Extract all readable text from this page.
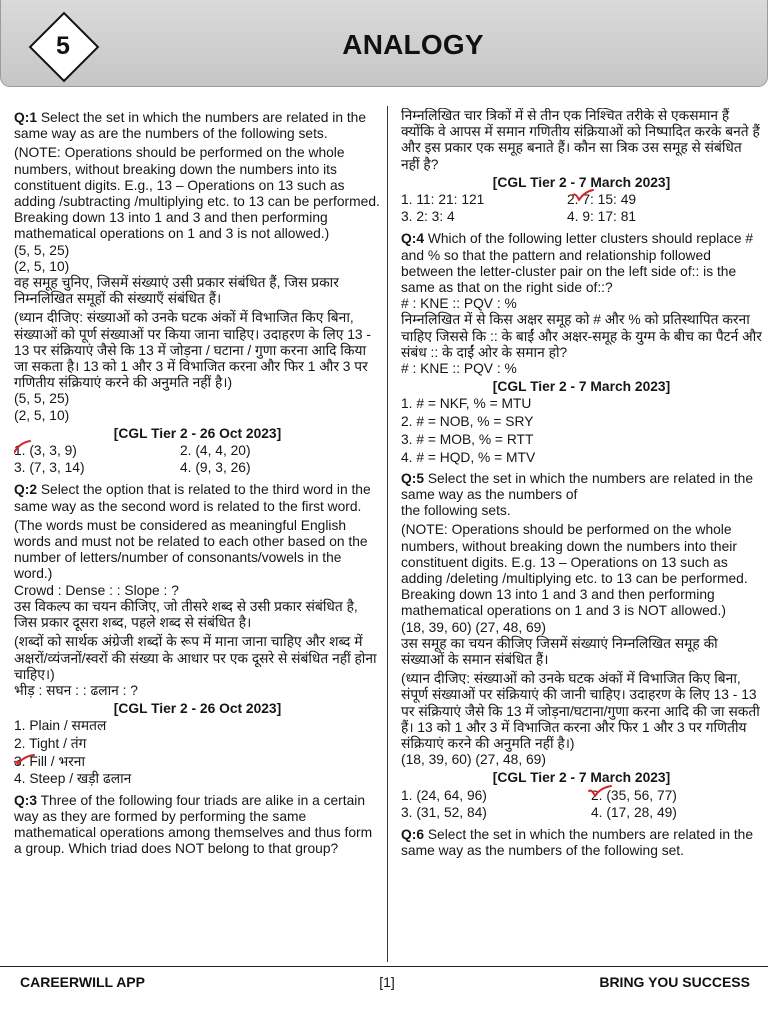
5	ANALOGY

Q:1 Select the set in which the numbers are related in the same way as are the numbers of the following sets.

(NOTE: Operations should be performed on the whole numbers, without breaking down the numbers into its constituent digits. E.g., 13 – Operations on 13 such as adding /subtracting /multiplying etc. to 13 can be performed. Breaking down 13 into 1 and 3 and then performing mathematical operations on 1 and 3 is not allowed.)

(5, 5, 25)

(2, 5, 10)

वह समूह चुनिए, जिसमें संख्याएं उसी प्रकार संबंधित हैं, जिस प्रकार निम्नलिखित समूहों की संख्याएँ संबंधित हैं।

(ध्यान दीजिए: संख्याओं को उनके घटक अंकों में विभाजित किए बिना, संख्याओं को पूर्ण संख्याओं पर किया जाना चाहिए। उदाहरण के लिए 13 - 13 पर संक्रियाएं जैसे कि 13 में जोड़ना / घटाना / गुणा करना आदि किया जा सकता है। 13 को 1 और 3 में विभाजित करना और फिर 1 और 3 पर गणितीय संक्रियाएं करने की अनुमति नहीं है।)

(5, 5, 25)

(2, 5, 10)

[CGL Tier 2 - 26 Oct 2023]

1. (3, 3, 9)	2. (4, 4, 20)
3. (7, 3, 14)	4. (9, 3, 26)

Q:2 Select the option that is related to the third word in the same way as the second word is related to the first word.

(The words must be considered as meaningful English words and must not be related to each other based on the number of letters/number of consonants/vowels in the word.)

Crowd : Dense : : Slope : ?

उस विकल्प का चयन कीजिए, जो तीसरे शब्द से उसी प्रकार संबंधित है, जिस प्रकार दूसरा शब्द, पहले शब्द से संबंधित है।

(शब्दों को सार्थक अंग्रेजी शब्दों के रूप में माना जाना चाहिए और शब्द में अक्षरों/व्यंजनों/स्वरों की संख्या के आधार पर एक दूसरे से संबंधित नहीं होना चाहिए।)

भीड़ : सघन : : ढलान : ?

[CGL Tier 2 - 26 Oct 2023]

1. Plain / समतल
2. Tight / तंग
3. Fill / भरना
4. Steep / खड़ी ढलान

Q:3 Three of the following four triads are alike in a certain way as they are formed by performing the same mathematical operations among themselves and thus form a group. Which triad does NOT belong to that group?

निम्नलिखित चार त्रिकों में से तीन एक निश्चित तरीके से एकसमान हैं क्योंकि वे आपस में समान गणितीय संक्रियाओं को निष्पादित करके बनते हैं और इस प्रकार एक समूह बनाते हैं। कौन सा त्रिक उस समूह से संबंधित नहीं है?

[CGL Tier 2 - 7 March 2023]

1. 11: 21: 121	2. 7: 15: 49
3. 2: 3: 4	4. 9: 17: 81

Q:4 Which of the following letter clusters should replace # and % so that the pattern and relationship followed between the letter-cluster pair on the left side of:: is the same as that on the right side of::?

# : KNE :: PQV : %

निम्नलिखित में से किस अक्षर समूह को # और % को प्रतिस्थापित करना चाहिए जिससे कि :: के बाईं और अक्षर-समूह के युग्म के बीच का पैटर्न और संबंध :: के दाईं ओर के समान हो?

# : KNE :: PQV : %

[CGL Tier 2 - 7 March 2023]

1. # = NKF, % = MTU
2. # = NOB, % = SRY
3. # = MOB, % = RTT
4. # = HQD, % = MTV

Q:5 Select the set in which the numbers are related in the same way as the numbers of
the following sets.

(NOTE: Operations should be performed on the whole numbers, without breaking down the numbers into their constituent digits. E.g. 13 – Operations on 13 such as adding /deleting /multiplying etc. to 13 can be performed. Breaking down 13 into 1 and 3 and then performing mathematical operations on 1 and 3 is NOT allowed.)

(18, 39, 60) (27, 48, 69)

उस समूह का चयन कीजिए जिसमें संख्याएं निम्नलिखित समूह की संख्याओं के समान संबंधित हैं।

(ध्यान दीजिए: संख्याओं को उनके घटक अंकों में विभाजित किए बिना, संपूर्ण संख्याओं पर संक्रियाएं की जानी चाहिए। उदाहरण के लिए 13 - 13 पर संक्रियाएं जैसे कि 13 में जोड़ना/घटाना/गुणा करना आदि की जा सकती हैं। 13 को 1 और 3 में विभाजित करना और फिर 1 और 3 पर गणितीय संक्रियाएं करने की अनुमति नहीं है।)

(18, 39, 60) (27, 48, 69)

[CGL Tier 2 - 7 March 2023]

1. (24, 64, 96)	2. (35, 56, 77)
3. (31, 52, 84)	4. (17, 28, 49)

Q:6 Select the set in which the numbers are related in the same way as the numbers of the following set.

CAREERWILL APP	[1]	BRING YOU SUCCESS
